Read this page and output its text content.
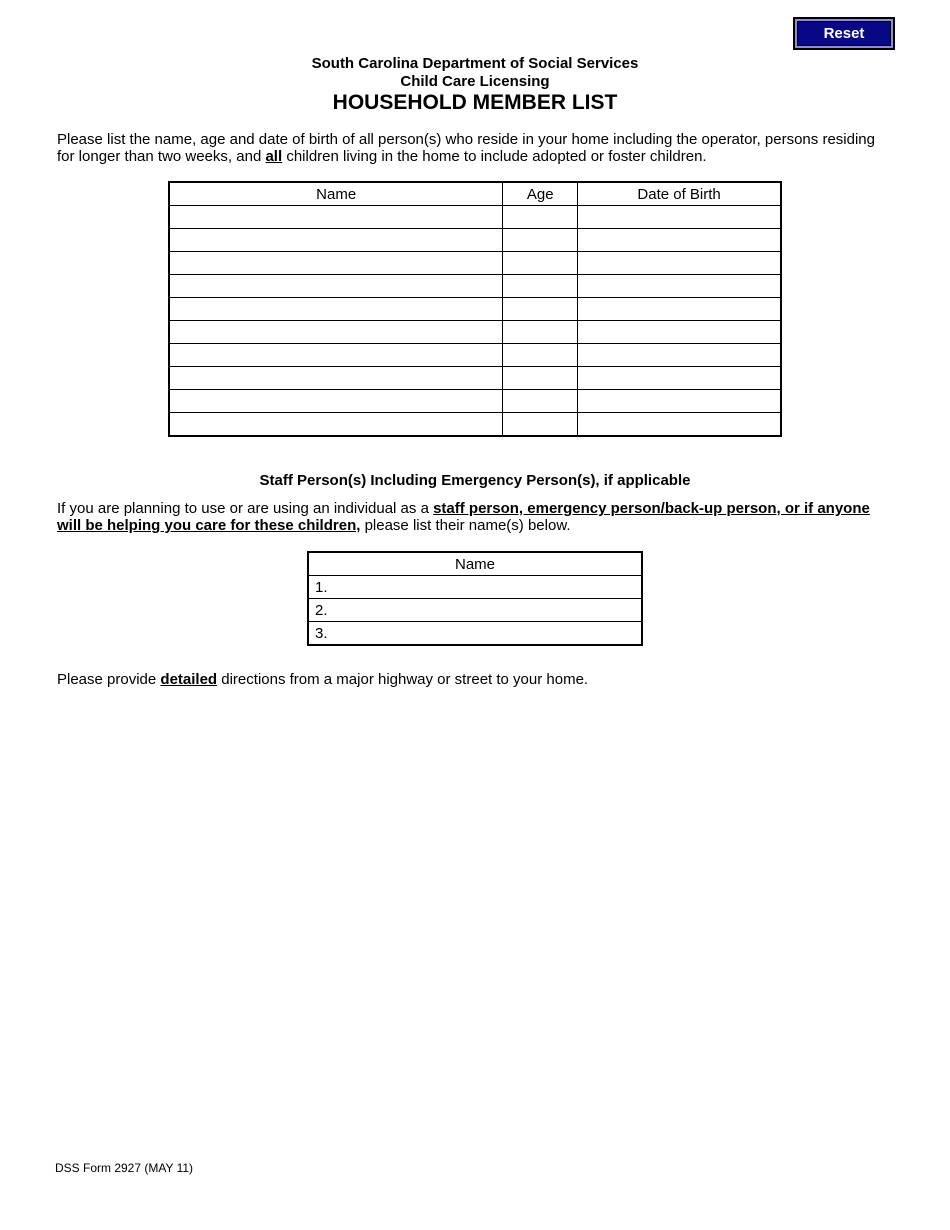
Reset
South Carolina Department of Social Services
Child Care Licensing
HOUSEHOLD MEMBER LIST
Please list the name, age and date of birth of all person(s) who reside in your home including the operator, persons residing for longer than two weeks, and all children living in the home to include adopted or foster children.
Name	Age	Date of Birth

Staff Person(s) Including Emergency Person(s), if applicable
If you are planning to use or are using an individual as a staff person, emergency person/back-up person, or if anyone will be helping you care for these children, please list their name(s) below.
Name
1.
2.
3.
Please provide detailed directions from a major highway or street to your home.
DSS Form 2927 (MAY 11)
